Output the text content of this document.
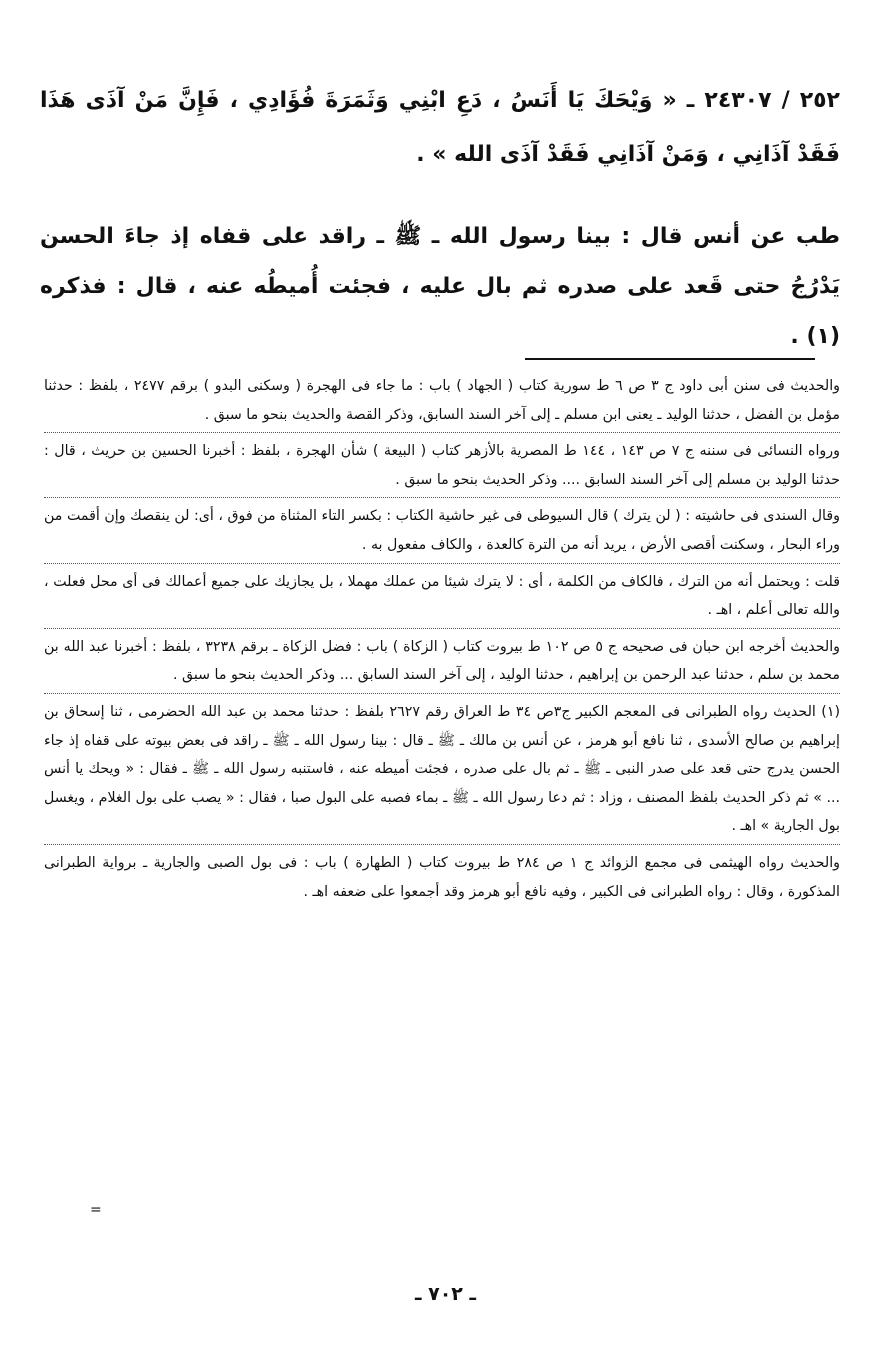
٢٥٢ / ٢٤٣٠٧ ـ « وَيْحَكَ يَا أَنَسُ ، دَعِ ابْنِي وَثَمَرَةَ فُؤَادِي ، فَإِنَّ مَنْ آذَى هَذَا فَقَدْ آذَانِي ، وَمَنْ آذَانِي فَقَدْ آذَى الله » .

طب عن أنس قال : بينا رسول الله ـ ﷺ ـ راقد على قفاه إذ جاءَ الحسن يَدْرُجُ حتى قَعد على صدره ثم بال عليه ، فجئت أُميطُه عنه ، قال : فذكره (١) .

والحديث فى سنن أبى داود ج ٣ ص ٦ ط سورية كتاب ( الجهاد ) باب : ما جاء فى الهجرة ( وسكنى البدو ) برقم ٢٤٧٧ ، بلفظ : حدثنا مؤمل بن الفضل ، حدثنا الوليد ـ يعنى ابن مسلم ـ إلى آخر السند السابق، وذكر القصة والحديث بنحو ما سبق .

ورواه النسائى فى سننه ج ٧ ص ١٤٣ ، ١٤٤ ط المصرية بالأزهر كتاب ( البيعة ) شأن الهجرة ، بلفظ : أخبرنا الحسين بن حريث ، قال : حدثنا الوليد بن مسلم إلى آخر السند السابق .... وذكر الحديث بنحو ما سبق .

وقال السندى فى حاشيته : ( لن يترك ) قال السيوطى فى غير حاشية الكتاب : بكسر التاء المثناة من فوق ، أى: لن ينقصك وإن أقمت من وراء البحار ، وسكنت أقصى الأرض ، يريد أنه من الترة كالعدة ، والكاف مفعول به .

قلت : ويحتمل أنه من الترك ، فالكاف من الكلمة ، أى : لا يترك شيئا من عملك مهملا ، بل يجازيك على جميع أعمالك فى أى محل فعلت ، والله تعالى أعلم ، اهـ .

والحديث أخرجه ابن حبان فى صحيحه ج ٥ ص ١٠٢ ط بيروت كتاب ( الزكاة ) باب : فضل الزكاة ـ برقم ٣٢٣٨ ، بلفظ : أخبرنا عبد الله بن محمد بن سلم ، حدثنا عبد الرحمن بن إبراهيم ، حدثنا الوليد ، إلى آخر السند السابق ... وذكر الحديث بنحو ما سبق .

(١) الحديث رواه الطبرانى فى المعجم الكبير ج٣ص ٣٤ ط العراق رقم ٢٦٢٧ بلفظ : حدثنا محمد بن عبد الله الحضرمى ، ثنا إسحاق بن إبراهيم بن صالح الأسدى ، ثنا نافع أبو هرمز ، عن أنس بن مالك ـ ﷺ ـ قال : بينا رسول الله ـ ﷺ ـ راقد فى بعض بيوته على قفاه إذ جاء الحسن يدرج حتى قعد على صدر النبى ـ ﷺ ـ ثم بال على صدره ، فجئت أميطه عنه ، فاستنبه رسول الله ـ ﷺ ـ فقال : « ويحك يا أنس ... » ثم ذكر الحديث بلفظ المصنف ، وزاد : ثم دعا رسول الله ـ ﷺ ـ بماء فصبه على البول صبا ، فقال : « يصب على بول الغلام ، ويغسل بول الجارية » اهـ .

والحديث رواه الهيثمى فى مجمع الزوائد ج ١ ص ٢٨٤ ط بيروت كتاب ( الطهارة ) باب : فى بول الصبى والجارية ـ برواية الطبرانى المذكورة ، وقال : رواه الطبرانى فى الكبير ، وفيه نافع أبو هرمز وقد أجمعوا على ضعفه اهـ .

=
ـ ٧٠٢ ـ
